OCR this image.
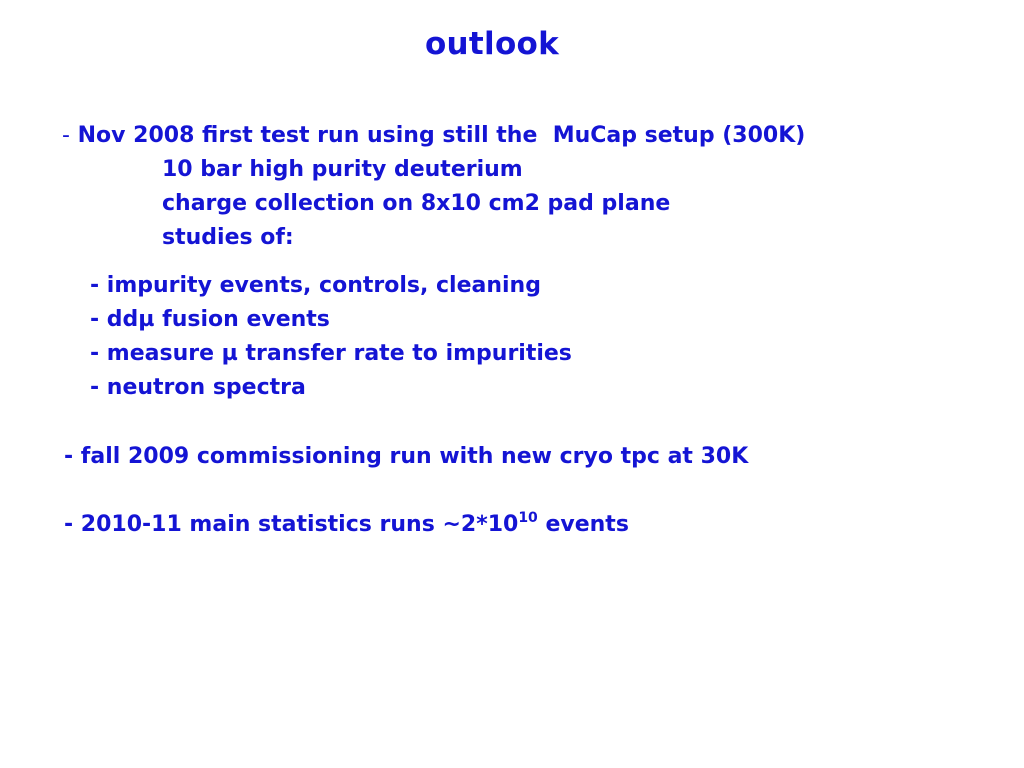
outlook
- Nov 2008 first test run using still the  MuCap setup (300K)
10 bar high purity deuterium
charge collection on 8x10 cm2 pad plane
studies of:
- impurity events, controls, cleaning
- ddµ fusion events
- measure µ transfer rate to impurities
- neutron spectra
- fall 2009 commissioning run with new cryo tpc at 30K
- 2010-11 main statistics runs $\sim 2*10^{10}$ events
